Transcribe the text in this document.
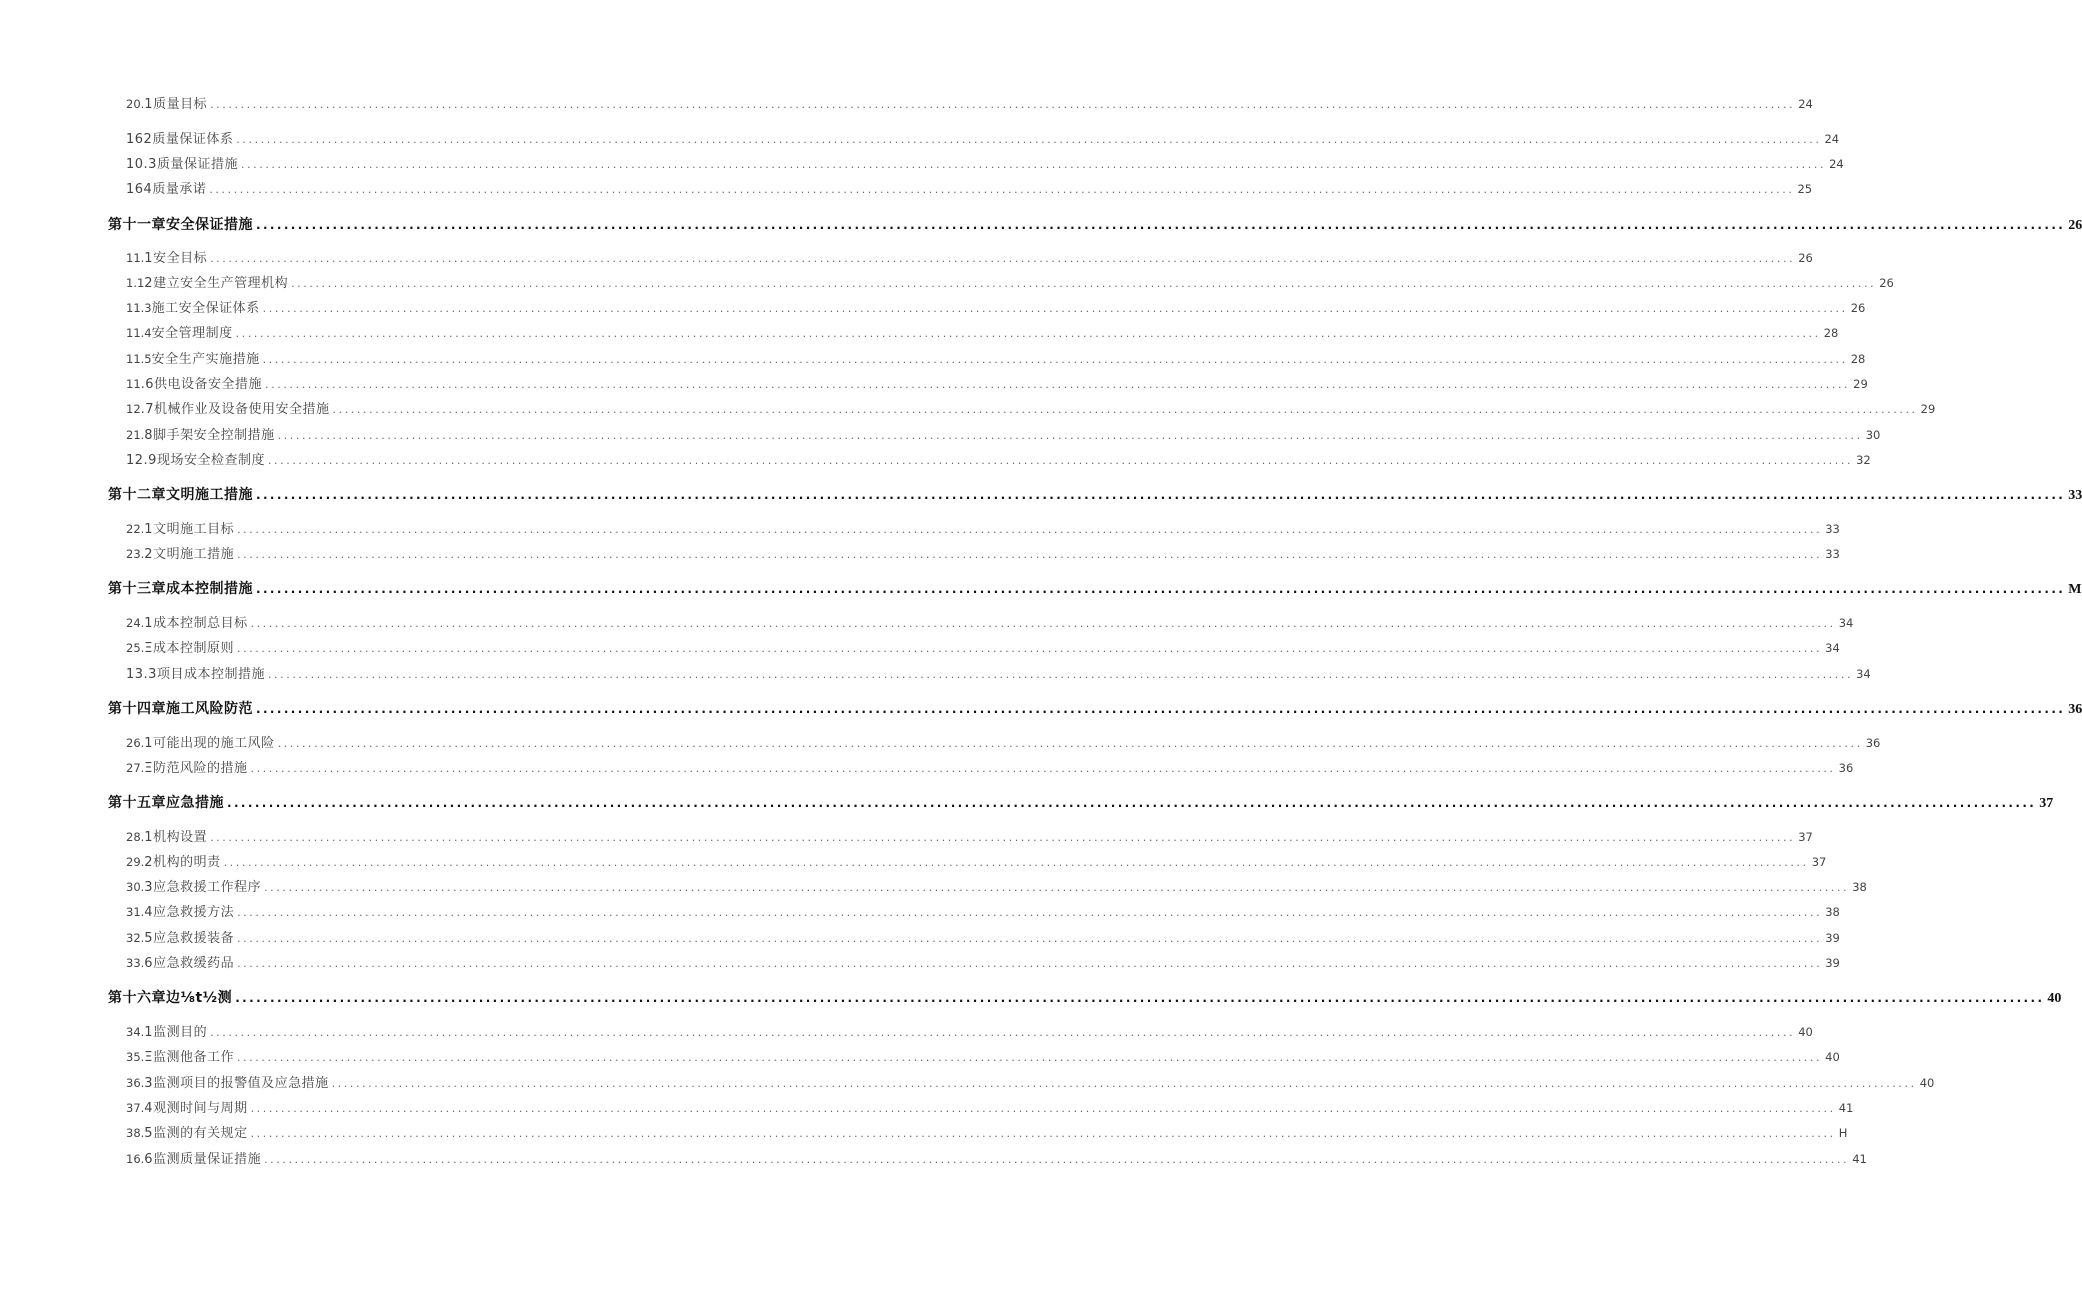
20. 1质量目标 .................................................................................................................................................................................................................................................................... 24
162质量保证体系 .................................................................................................................................................................................................................................................................... 24
10.3质量保证措施 .................................................................................................................................................................................................................................................................... 24
164质量承诺 .................................................................................................................................................................................................................................................................... 25
第十一章安全保证措施 .................................................................................................................................................................................................................................................................... 26
11. 1安全目标 .................................................................................................................................................................................................................................................................... 26
1.1 2建立安全生产管理机构 .................................................................................................................................................................................................................................................................... 26
11.3 施工安全保证体系 .................................................................................................................................................................................................................................................................... 26
11.4 安全管理制度 .................................................................................................................................................................................................................................................................... 28
11.5 安全生产实施措施 .................................................................................................................................................................................................................................................................... 28
11 .6供电设备安全措施 .................................................................................................................................................................................................................................................................... 29
12 .7机械作业及设备使用安全措施 .................................................................................................................................................................................................................................................................... 29
21. 8脚手架安全控制措施 .................................................................................................................................................................................................................................................................... 30
12.9现场安全检查制度 .................................................................................................................................................................................................................................................................... 32
第十二章文明施工措施 .................................................................................................................................................................................................................................................................... 33
22. 1文明施工目标 .................................................................................................................................................................................................................................................................... 33
23. 2文明施工措施 .................................................................................................................................................................................................................................................................... 33
第十三章成本控制措施 .................................................................................................................................................................................................................................................................... M
24. 1成本控制总目标 .................................................................................................................................................................................................................................................................... 34
25. Ξ成本控制原则 .................................................................................................................................................................................................................................................................... 34
13.3项目成本控制措施 .................................................................................................................................................................................................................................................................... 34
第十四章施工风险防范 .................................................................................................................................................................................................................................................................... 36
26. 1可能出现的施工风险 .................................................................................................................................................................................................................................................................... 36
27. Ξ防范风险的措施 .................................................................................................................................................................................................................................................................... 36
第十五章应急措施 .................................................................................................................................................................................................................................................................... 37
28. 1机构设置 .................................................................................................................................................................................................................................................................... 37
29. 2机构的明责 .................................................................................................................................................................................................................................................................... 37
30. 3应急救援工作程序 .................................................................................................................................................................................................................................................................... 38
31. 4应急救援方法 .................................................................................................................................................................................................................................................................... 38
32. 5应急救援装备 .................................................................................................................................................................................................................................................................... 39
33. 6应急救缓药品 .................................................................................................................................................................................................................................................................... 39
第十六章边⅛t½测 .................................................................................................................................................................................................................................................................... 40
34. 1监测目的 .................................................................................................................................................................................................................................................................... 40
35. Ξ监测他备工作 .................................................................................................................................................................................................................................................................... 40
36. 3监测项目的报警值及应急措施 .................................................................................................................................................................................................................................................................... 40
37. 4观测时间与周期 .................................................................................................................................................................................................................................................................... 41
38. 5监测的有关规定 .................................................................................................................................................................................................................................................................... H
16. 6监测质量保证措施 .................................................................................................................................................................................................................................................................... 41
